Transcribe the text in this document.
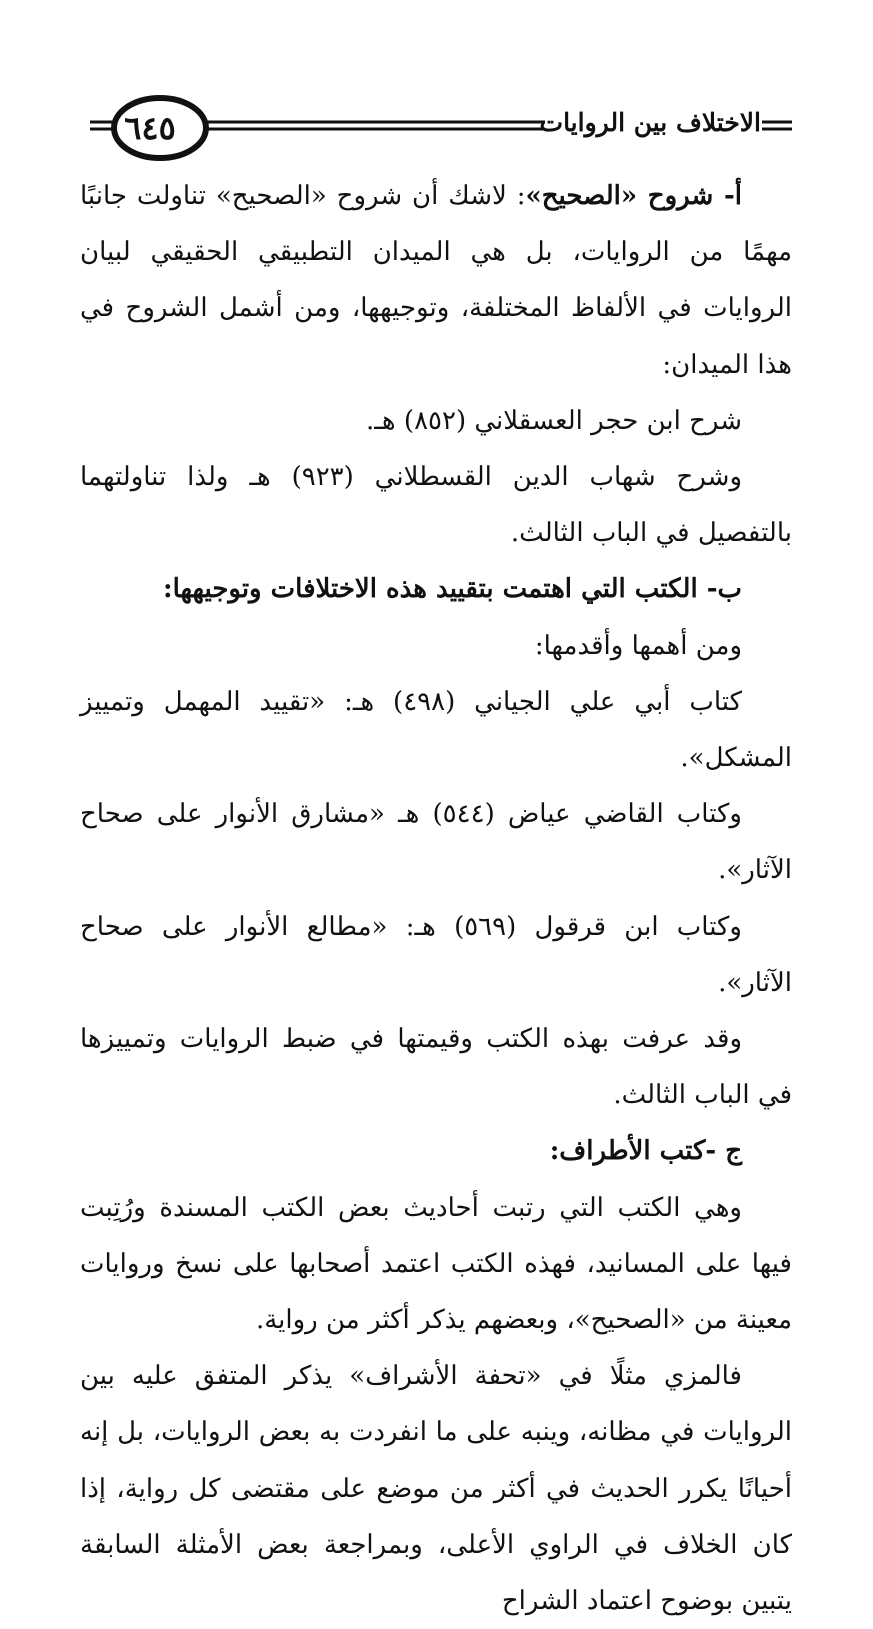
الاختلاف بين الروايات
٦٤٥

أ- شروح «الصحيح»: لاشك أن شروح «الصحيح» تناولت جانبًا مهمًا من الروايات، بل هي الميدان التطبيقي الحقيقي لبيان الروايات في الألفاظ المختلفة، وتوجيهها، ومن أشمل الشروح في هذا الميدان:

شرح ابن حجر العسقلاني (٨٥٢) هـ.

وشرح شهاب الدين القسطلاني (٩٢٣) هـ ولذا تناولتهما بالتفصيل في الباب الثالث.

ب- الكتب التي اهتمت بتقييد هذه الاختلافات وتوجيهها:

ومن أهمها وأقدمها:

كتاب أبي علي الجياني (٤٩٨) هـ: «تقييد المهمل وتمييز المشكل».

وكتاب القاضي عياض (٥٤٤) هـ «مشارق الأنوار على صحاح الآثار».

وكتاب ابن قرقول (٥٦٩) هـ: «مطالع الأنوار على صحاح الآثار».

وقد عرفت بهذه الكتب وقيمتها في ضبط الروايات وتمييزها في الباب الثالث.

ج -كتب الأطراف:

وهي الكتب التي رتبت أحاديث بعض الكتب المسندة ورُتِبت فيها على المسانيد، فهذه الكتب اعتمد أصحابها على نسخ وروايات معينة من «الصحيح»، وبعضهم يذكر أكثر من رواية.

فالمزي مثلًا في «تحفة الأشراف» يذكر المتفق عليه بين الروايات في مظانه، وينبه على ما انفردت به بعض الروايات، بل إنه أحيانًا يكرر الحديث في أكثر من موضع على مقتضى كل رواية، إذا كان الخلاف في الراوي الأعلى، وبمراجعة بعض الأمثلة السابقة يتبين بوضوح اعتماد الشراح
